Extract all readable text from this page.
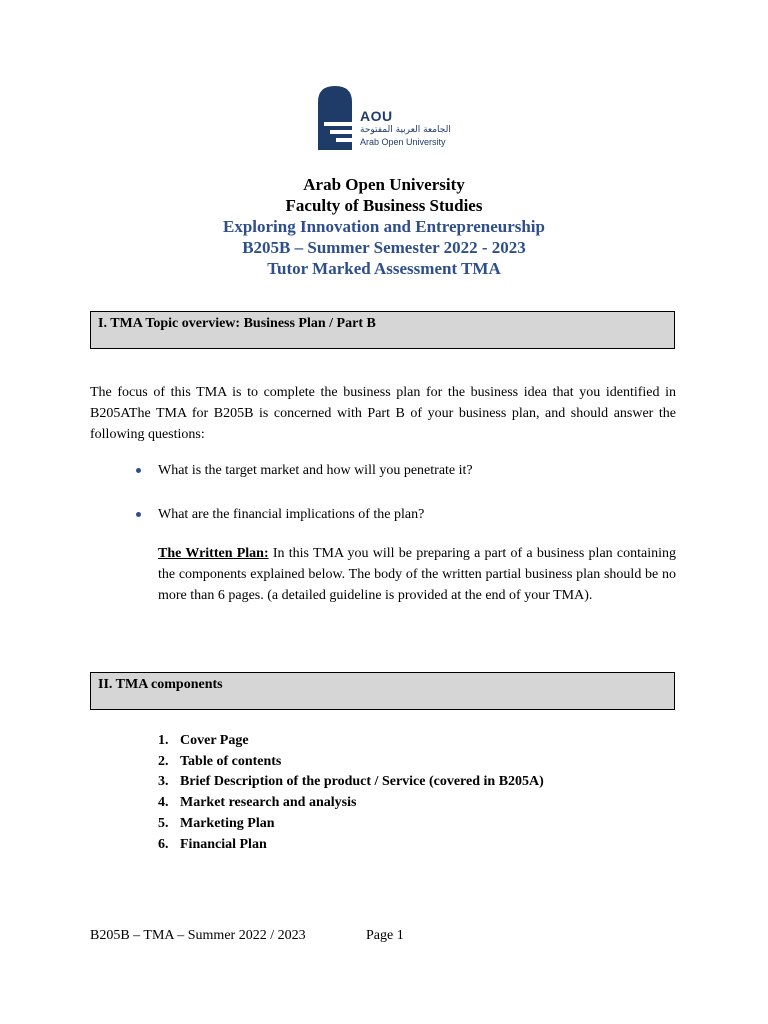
AOU
الجامعة العربية المفتوحة
Arab Open University
Arab Open University
Faculty of Business Studies
Exploring Innovation and Entrepreneurship
B205B – Summer Semester 2022 - 2023
Tutor Marked Assessment TMA
I. TMA Topic overview: Business Plan / Part B

The focus of this TMA is to complete the business plan for the business idea that you identified in B205AThe TMA for B205B is concerned with Part B of your business plan, and should answer the following questions:

What is the target market and how will you penetrate it?
What are the financial implications of the plan?

The Written Plan: In this TMA you will be preparing a part of a business plan containing the components explained below. The body of the written partial business plan should be no more than 6 pages. (a detailed guideline is provided at the end of your TMA).

II. TMA components
1. Cover Page
2. Table of contents
3. Brief Description of the product / Service (covered in B205A)
4. Market research and analysis
5. Marketing Plan
6. Financial Plan
B205B – TMA – Summer 2022 / 2023	Page 1
